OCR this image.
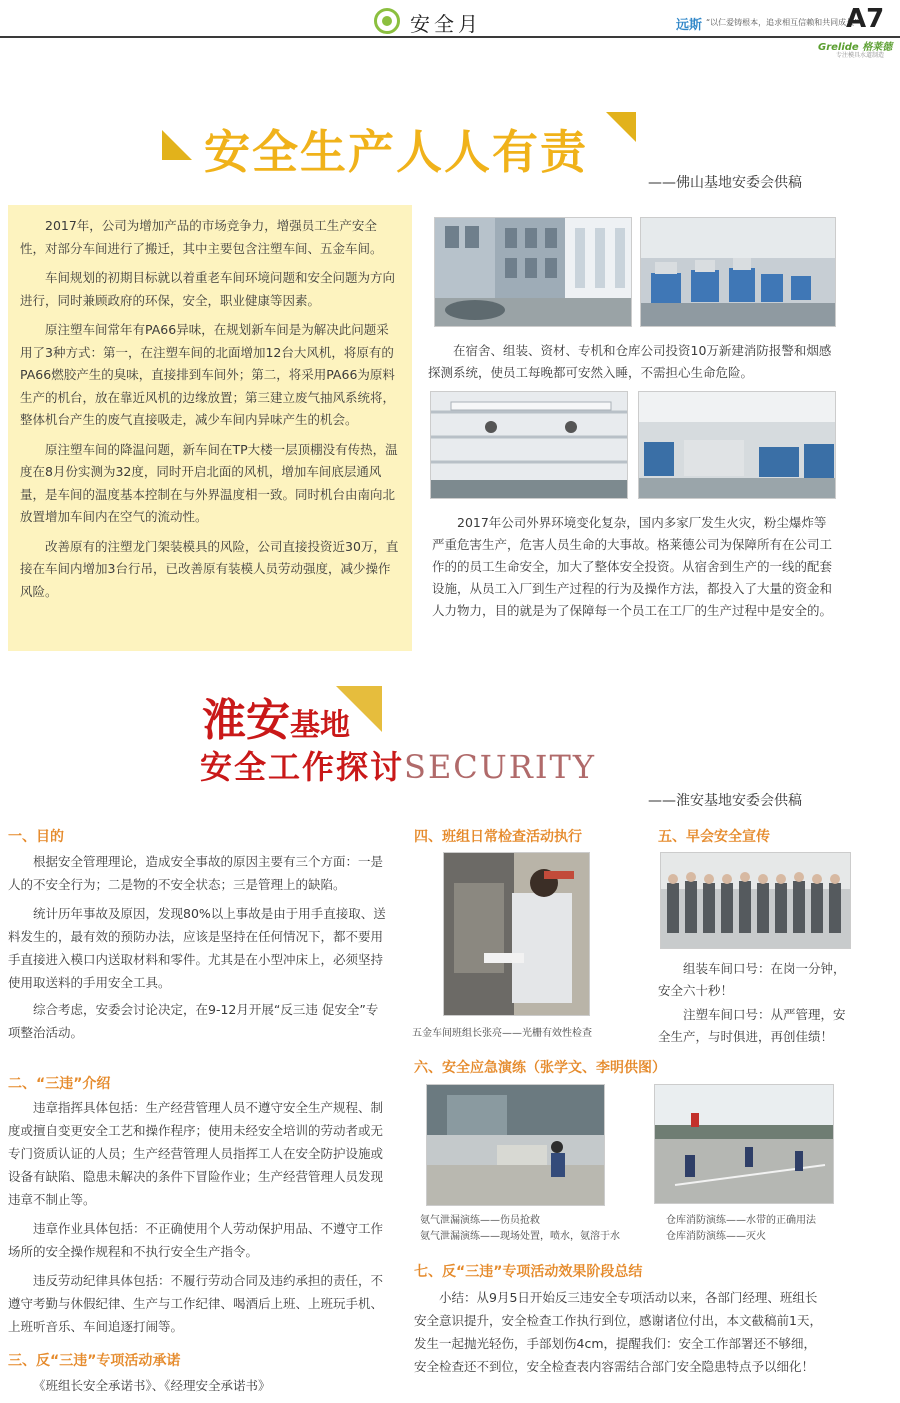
安全月	远斯 “以仁爱铸根本，追求相互信赖和共同成长”
A7
Grelide 格莱德
专注模具水道制造
安全生产人人有责
——佛山基地安委会供稿

2017年，公司为增加产品的市场竞争力，增强员工生产安全性，对部分车间进行了搬迁，其中主要包含注塑车间、五金车间。

车间规划的初期目标就以着重老车间环境问题和安全问题为方向进行，同时兼顾政府的环保，安全，职业健康等因素。

原注塑车间常年有PA66异味，在规划新车间是为解决此问题采用了3种方式：第一，在注塑车间的北面增加12台大风机，将原有的PA66燃胶产生的臭味，直接排到车间外；第二，将采用PA66为原料生产的机台，放在靠近风机的边缘放置；第三建立废气抽风系统将，整体机台产生的废气直接吸走，减少车间内异味产生的机会。

原注塑车间的降温问题，新车间在TP大楼一层顶棚没有传热，温度在8月份实测为32度，同时开启北面的风机，增加车间底层通风量，是车间的温度基本控制在与外界温度相一致。同时机台由南向北放置增加车间内在空气的流动性。

改善原有的注塑龙门架装模具的风险，公司直接投资近30万，直接在车间内增加3台行吊，已改善原有装模人员劳动强度，减少操作风险。

在宿舍、组装、资材、专机和仓库公司投资10万新建消防报警和烟感探测系统，使员工每晚都可安然入睡，不需担心生命危险。
2017年公司外界环境变化复杂，国内多家厂发生火灾，粉尘爆炸等严重危害生产，危害人员生命的大事故。格莱德公司为保障所有在公司工作的的员工生命安全，加大了整体安全投资。从宿舍到生产的一线的配套设施，从员工入厂到生产过程的行为及操作方法，都投入了大量的资金和人力物力，目的就是为了保障每一个员工在工厂的生产过程中是安全的。
淮安基地
安全工作探讨SECURITY
——淮安基地安委会供稿
一、目的

根据安全管理理论，造成安全事故的原因主要有三个方面：一是人的不安全行为；二是物的不安全状态；三是管理上的缺陷。

统计历年事故及原因，发现80%以上事故是由于用手直接取、送料发生的，最有效的预防办法，应该是坚持在任何情况下，都不要用手直接进入模口内送取材料和零件。尤其是在小型冲床上，必须坚持使用取送料的手用安全工具。

综合考虑，安委会讨论决定，在9-12月开展“反三违 促安全”专项整治活动。

二、“三违”介绍

违章指挥具体包括：生产经营管理人员不遵守安全生产规程、制度或擅自变更安全工艺和操作程序；使用未经安全培训的劳动者或无专门资质认证的人员；生产经营管理人员指挥工人在安全防护设施或设备有缺陷、隐患未解决的条件下冒险作业；生产经营管理人员发现违章不制止等。

违章作业具体包括：不正确使用个人劳动保护用品、不遵守工作场所的安全操作规程和不执行安全生产指令。

违反劳动纪律具体包括：不履行劳动合同及违约承担的责任，不遵守考勤与休假纪律、生产与工作纪律、喝酒后上班、上班玩手机、上班听音乐、车间追逐打闹等。

三、反“三违”专项活动承诺

《班组长安全承诺书》、《经理安全承诺书》

四、班组日常检查活动执行
五金车间班组长张亮——光栅有效性检查
五、早会安全宣传

组装车间口号：在岗一分钟，安全六十秒！

注塑车间口号：从严管理，安全生产，与时俱进，再创佳绩！

六、安全应急演练（张学文、李明供图）
氨气泄漏演练——伤员抢救
氨气泄漏演练——现场处置，喷水，氨溶于水
仓库消防演练——水带的正确用法
仓库消防演练——灭火
七、反“三违”专项活动效果阶段总结

小结：从9月5日开始反三违安全专项活动以来，各部门经理、班组长安全意识提升，安全检查工作执行到位，感谢诸位付出，本文截稿前1天，发生一起抛光轻伤，手部划伤4cm，提醒我们：安全工作部署还不够细，安全检查还不到位，安全检查表内容需结合部门安全隐患特点予以细化！
